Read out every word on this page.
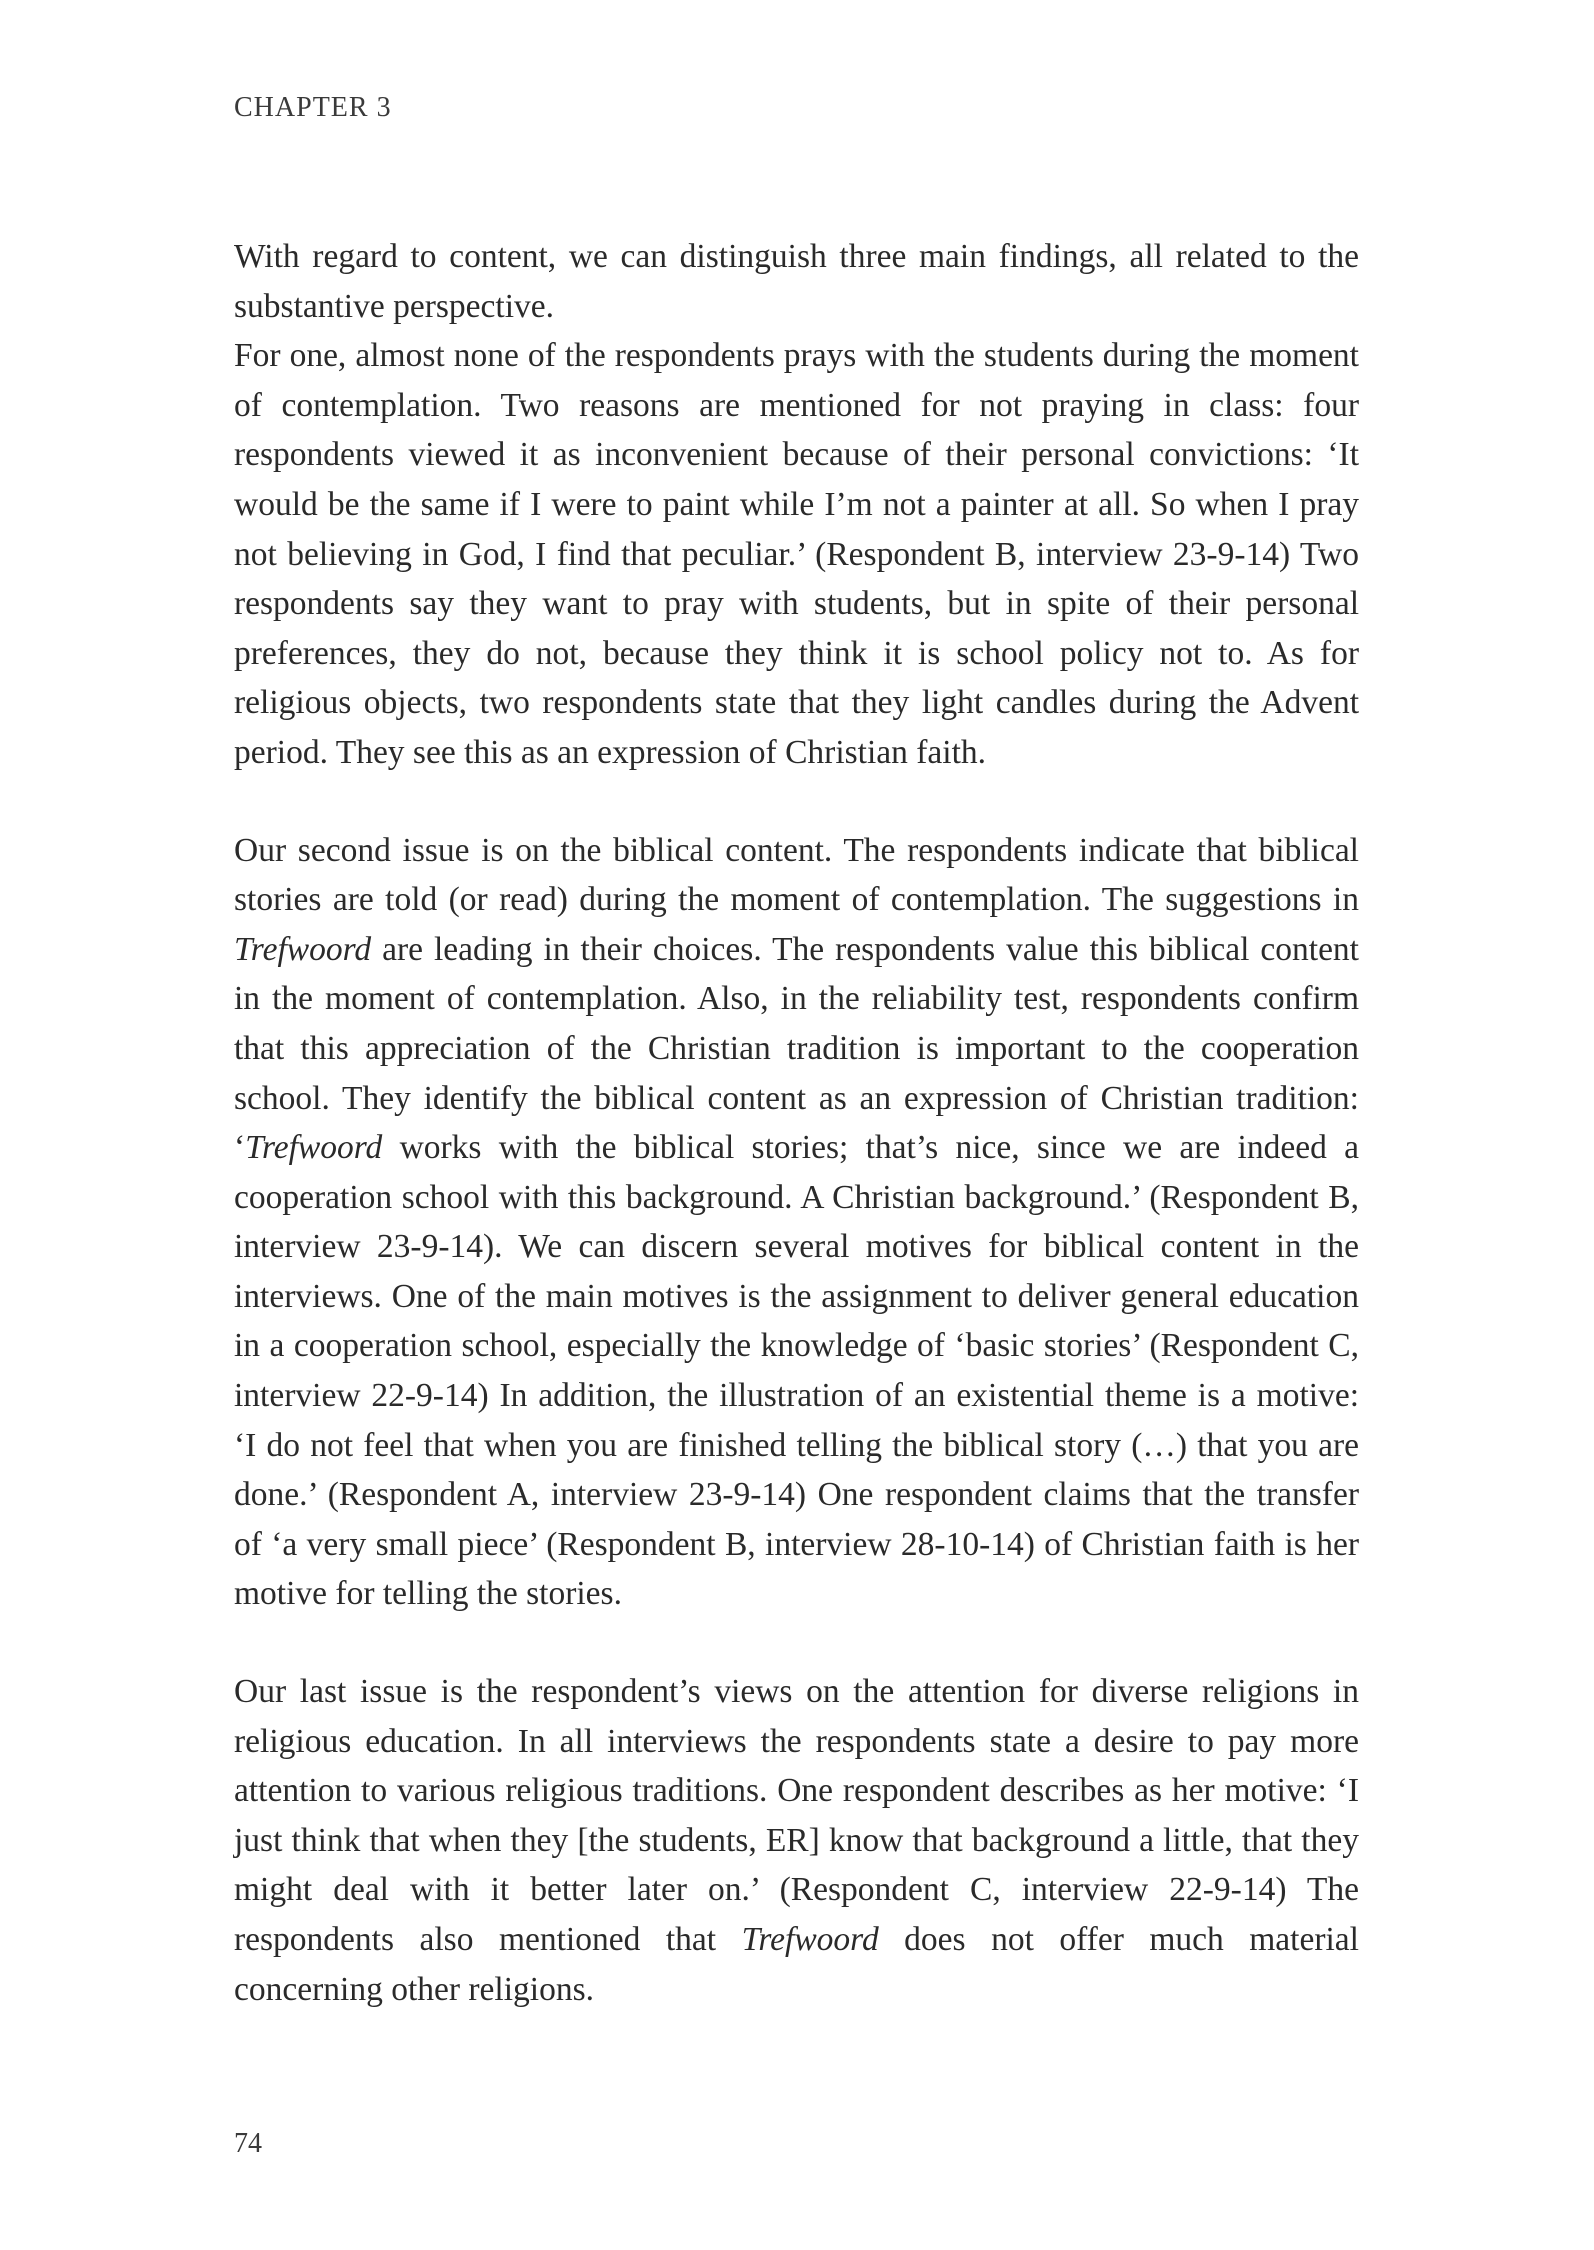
CHAPTER 3

With regard to content, we can distinguish three main findings, all related to the substantive perspective.

For one, almost none of the respondents prays with the students during the moment of contemplation. Two reasons are mentioned for not praying in class: four respondents viewed it as inconvenient because of their personal convictions: ‘It would be the same if I were to paint while I’m not a painter at all. So when I pray not believing in God, I find that peculiar.’ (Respondent B, interview 23-9-14) Two respondents say they want to pray with students, but in spite of their personal preferences, they do not, because they think it is school policy not to. As for religious objects, two respondents state that they light candles during the Advent period. They see this as an expression of Christian faith.

Our second issue is on the biblical content. The respondents indicate that biblical stories are told (or read) during the moment of contemplation. The suggestions in Trefwoord are leading in their choices. The respondents value this biblical content in the moment of contemplation. Also, in the reliability test, respondents confirm that this appreciation of the Christian tradition is important to the cooperation school. They identify the biblical content as an expression of Christian tradition: ‘Trefwoord works with the biblical stories; that’s nice, since we are indeed a cooperation school with this background. A Christian background.’ (Respondent B, interview 23-9-14). We can discern several motives for biblical content in the interviews. One of the main motives is the assignment to deliver general education in a cooperation school, especially the knowledge of ‘basic stories’ (Respondent C, interview 22-9-14) In addition, the illustration of an existential theme is a motive: ‘I do not feel that when you are finished telling the biblical story (…) that you are done.’ (Respondent A, interview 23-9-14) One respondent claims that the transfer of ‘a very small piece’ (Respondent B, interview 28-10-14) of Christian faith is her motive for telling the stories.

Our last issue is the respondent’s views on the attention for diverse religions in religious education. In all interviews the respondents state a desire to pay more attention to various religious traditions. One respondent describes as her motive: ‘I just think that when they [the students, ER] know that background a little, that they might deal with it better later on.’ (Respondent C, interview 22-9-14) The respondents also mentioned that Trefwoord does not offer much material concerning other religions.

74
